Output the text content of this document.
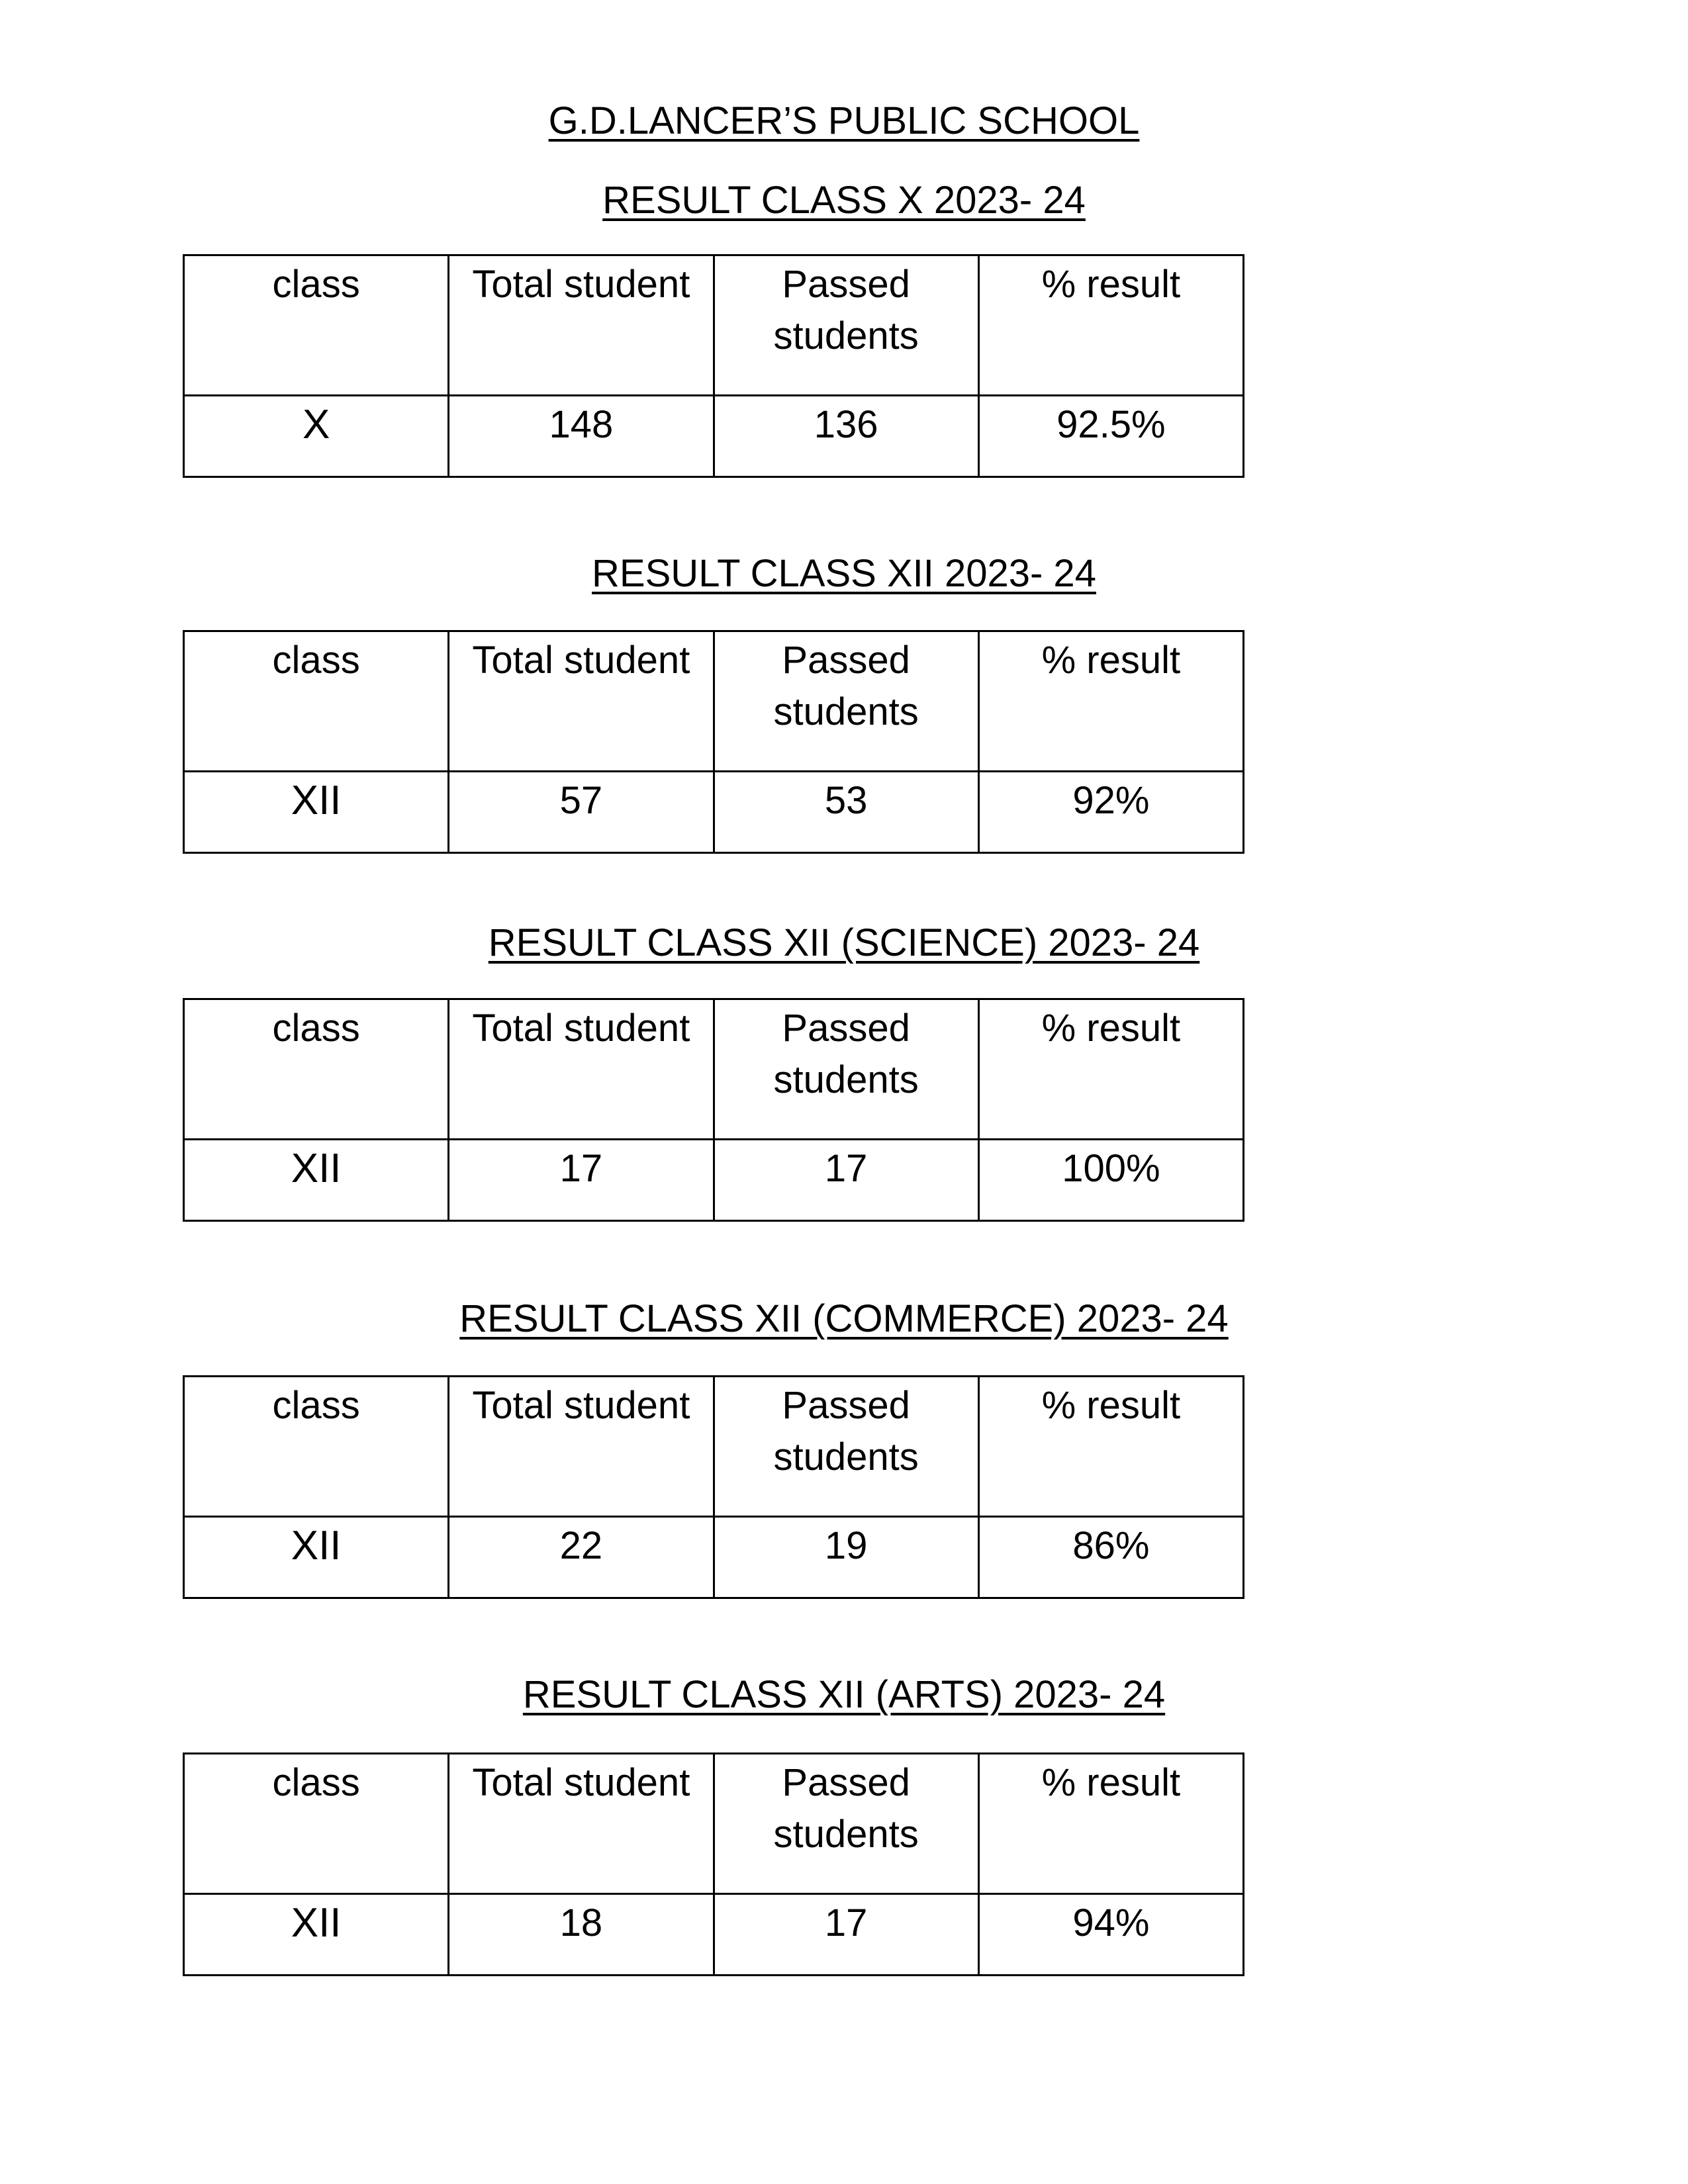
G.D.LANCER’S PUBLIC SCHOOL
RESULT CLASS X 2023- 24
class	Total student	Passed students	% result
X	148	136	92.5%
RESULT CLASS XII 2023- 24
class	Total student	Passed students	% result
XII	57	53	92%
RESULT CLASS XII (SCIENCE) 2023- 24
class	Total student	Passed students	% result
XII	17	17	100%
RESULT CLASS XII (COMMERCE) 2023- 24
class	Total student	Passed students	% result
XII	22	19	86%
RESULT CLASS XII (ARTS) 2023- 24
class	Total student	Passed students	% result
XII	18	17	94%
